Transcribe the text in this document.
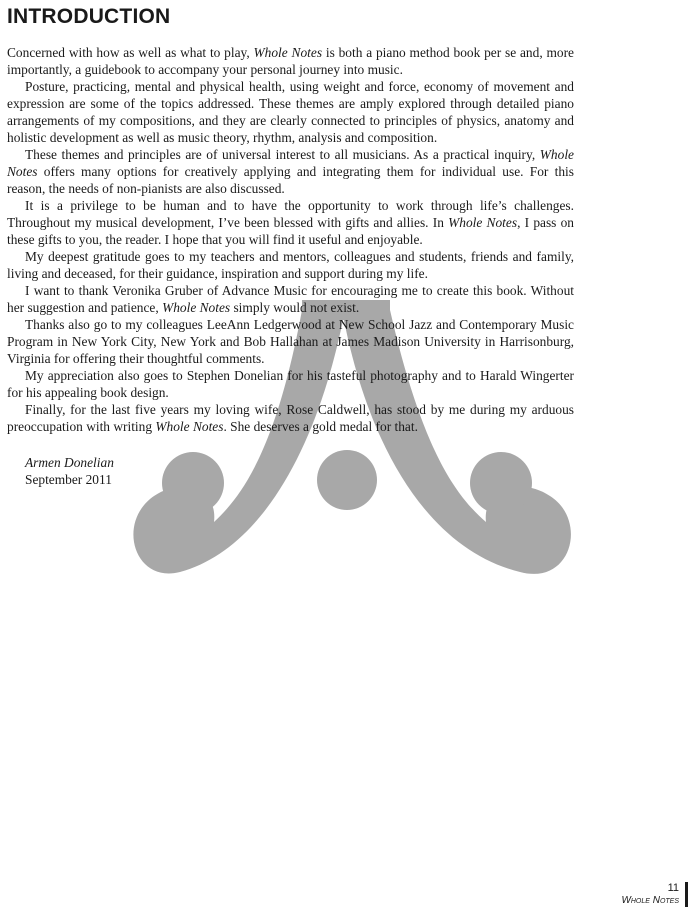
INTRODUCTION

Concerned with how as well as what to play, Whole Notes is both a piano method book per se and, more importantly, a guidebook to accompany your personal journey into music.

Posture, practicing, mental and physical health, using weight and force, economy of movement and expression are some of the topics addressed. These themes are amply explored through detailed piano arrangements of my compositions, and they are clearly connected to principles of physics, anatomy and holistic development as well as music theory, rhythm, analysis and composition.

These themes and principles are of universal interest to all musicians. As a practical inquiry, Whole Notes offers many options for creatively applying and integrating them for individual use. For this reason, the needs of non-pianists are also discussed.

It is a privilege to be human and to have the opportunity to work through life’s challenges. Throughout my musical development, I’ve been blessed with gifts and allies. In Whole Notes, I pass on these gifts to you, the reader. I hope that you will find it useful and enjoyable.

My deepest gratitude goes to my teachers and mentors, colleagues and students, friends and family, living and deceased, for their guidance, inspiration and support during my life.

I want to thank Veronika Gruber of Advance Music for encouraging me to create this book. Without her suggestion and patience, Whole Notes simply would not exist.

Thanks also go to my colleagues LeeAnn Ledgerwood at New School Jazz and Contemporary Music Program in New York City, New York and Bob Hallahan at James Madison University in Harrisonburg, Virginia for offering their thoughtful comments.

My appreciation also goes to Stephen Donelian for his tasteful photography and to Harald Wingerter for his appealing book design.

Finally, for the last five years my loving wife, Rose Caldwell, has stood by me during my arduous preoccupation with writing Whole Notes. She deserves a gold medal for that.

Armen Donelian
September 2011
11
Whole Notes
